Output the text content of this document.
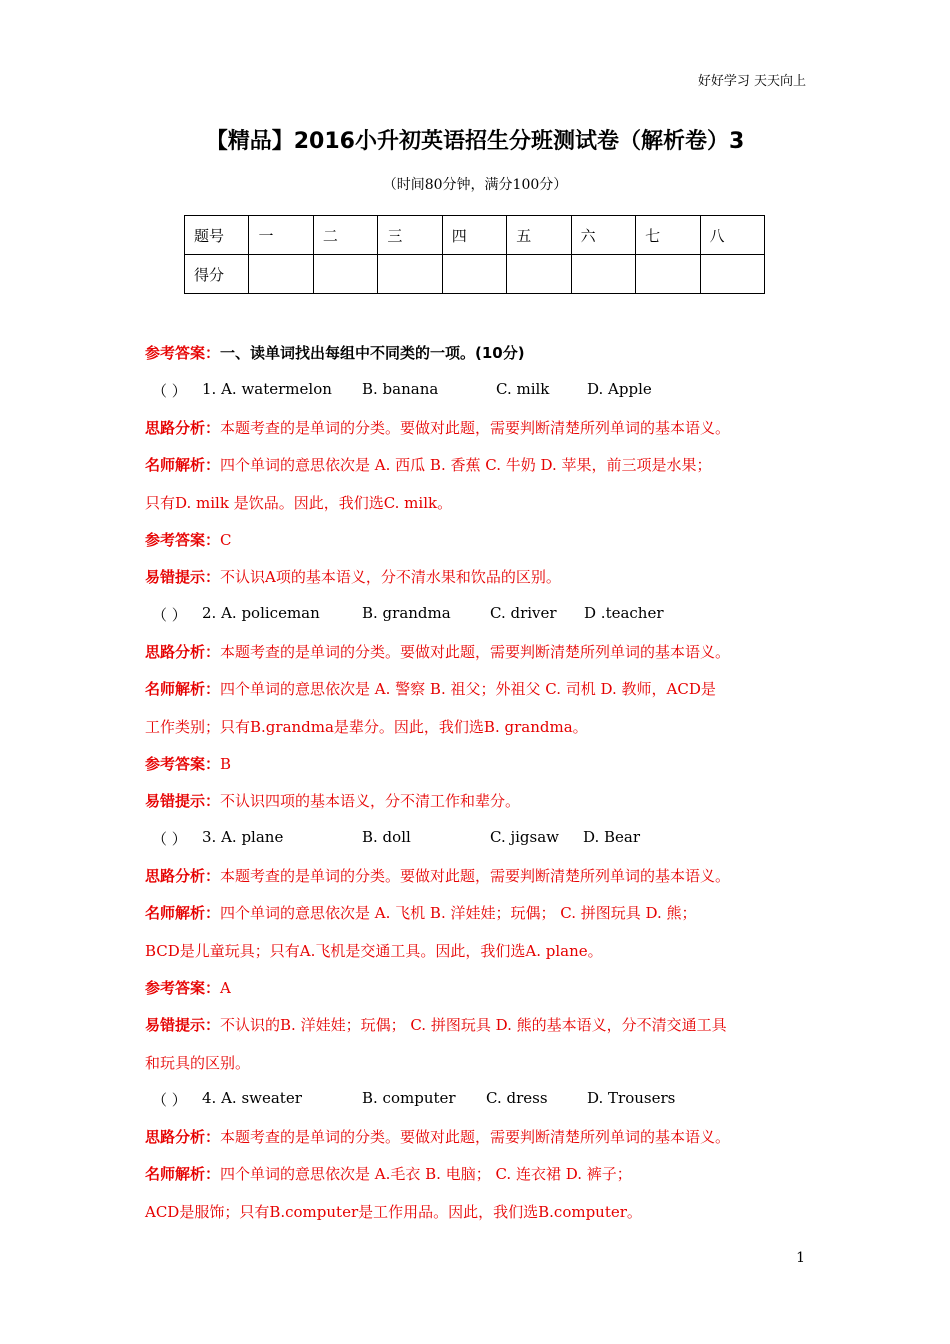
好好学习 天天向上
【精品】2016小升初英语招生分班测试卷（解析卷）3
（时间80分钟，满分100分）
题号	一	二	三	四	五	六	七	八
得分								
参考答案：一、读单词找出每组中不同类的一项。(10分)
（ ） 1. A. watermelon B. banana	C. milk	D. Apple
思路分析：本题考查的是单词的分类。要做对此题，需要判断清楚所列单词的基本语义。
名师解析：四个单词的意思依次是 A. 西瓜 B. 香蕉 C. 牛奶 D. 苹果，前三项是水果；
只有D. milk 是饮品。因此，我们选C. milk。
参考答案：C
易错提示：不认识A项的基本语义，分不清水果和饮品的区别。
（ ） 2. A. policeman	B. grandma	C. driver D .teacher
思路分析：本题考查的是单词的分类。要做对此题，需要判断清楚所列单词的基本语义。
名师解析：四个单词的意思依次是 A. 警察 B. 祖父；外祖父 C. 司机 D. 教师，ACD是
工作类别；只有B.grandma是辈分。因此，我们选B. grandma。
参考答案：B
易错提示：不认识四项的基本语义，分不清工作和辈分。
（ ） 3. A. plane	B. doll	C. jigsaw D. Bear
思路分析：本题考查的是单词的分类。要做对此题，需要判断清楚所列单词的基本语义。
名师解析：四个单词的意思依次是 A. 飞机 B. 洋娃娃；玩偶； C. 拼图玩具 D. 熊；
BCD是儿童玩具；只有A.飞机是交通工具。因此，我们选A. plane。
参考答案：A
易错提示：不认识的B. 洋娃娃；玩偶； C. 拼图玩具 D. 熊的基本语义，分不清交通工具
和玩具的区别。
（ ） 4. A. sweater	B. computer C. dress	D. Trousers
思路分析：本题考查的是单词的分类。要做对此题，需要判断清楚所列单词的基本语义。
名师解析：四个单词的意思依次是 A.毛衣 B. 电脑； C. 连衣裙 D. 裤子；
ACD是服饰；只有B.computer是工作用品。因此，我们选B.computer。
1
